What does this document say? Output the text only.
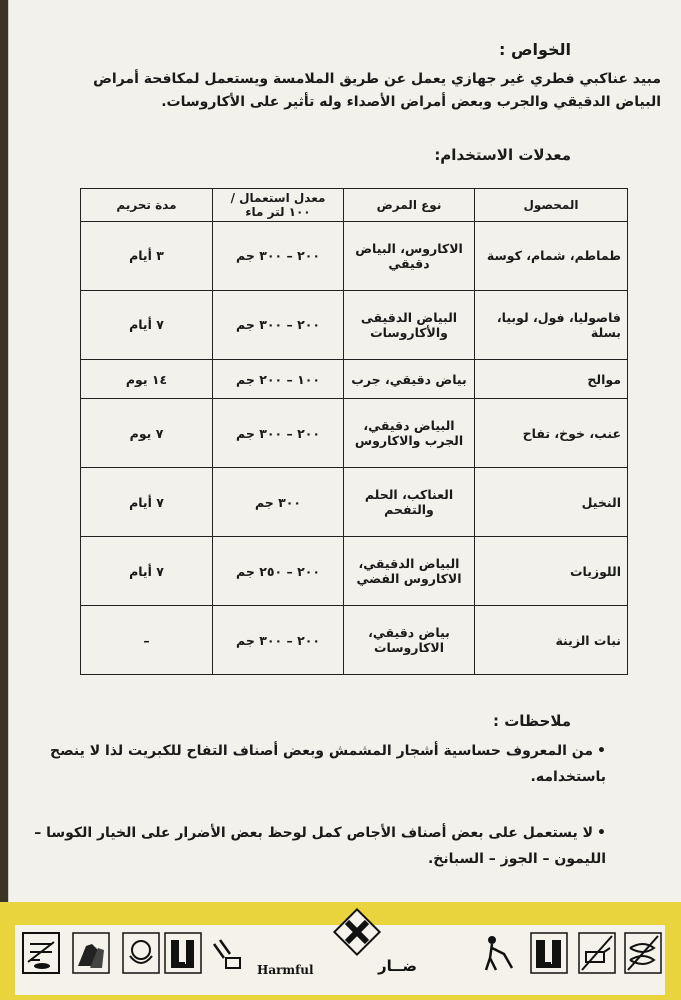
الخواص :
مبيد عناكبي فطري غير جهازي يعمل عن طريق الملامسة ويستعمل لمكافحة أمراض البياض الدقيقي والجرب وبعض أمراض الأصداء وله تأثير على الأكاروسات.
معدلات الاستخدام:
المحصول	نوع المرض	معدل استعمال / ١٠٠ لتر ماء	مدة تحريم
طماطم، شمام، كوسة	الاكاروس، البياض دقيقي	٢٠٠ – ٣٠٠ جم	٣ أيام
فاصوليا، فول، لوبيا، بسلة	البياض الدقيقى والأكاروسات	٢٠٠ – ٣٠٠ جم	٧ أيام
موالح	بياض دقيقي، جرب	١٠٠ – ٢٠٠ جم	١٤ يوم
عنب، خوخ، تفاح	البياض دقيقي، الجرب والاكاروس	٢٠٠ – ٣٠٠ جم	٧ يوم
النخيل	العناكب، الحلم والتفحم	٣٠٠ جم	٧ أيام
اللوزيات	البياض الدقيقي، الاكاروس الفضي	٢٠٠ – ٢٥٠ جم	٧ أيام
نبات الزينة	بياض دقيقي، الاكاروسات	٢٠٠ – ٣٠٠ جم	–
ملاحظات :
•من المعروف حساسية أشجار المشمش وبعض أصناف التفاح للكبريت لذا لا ينصح باستخدامه.
•لا يستعمل على بعض أصناف الأجاص كمل لوحظ بعض الأضرار على الخيار الكوسا – الليمون – الجوز – السبانخ.
Harmful	ضــار
